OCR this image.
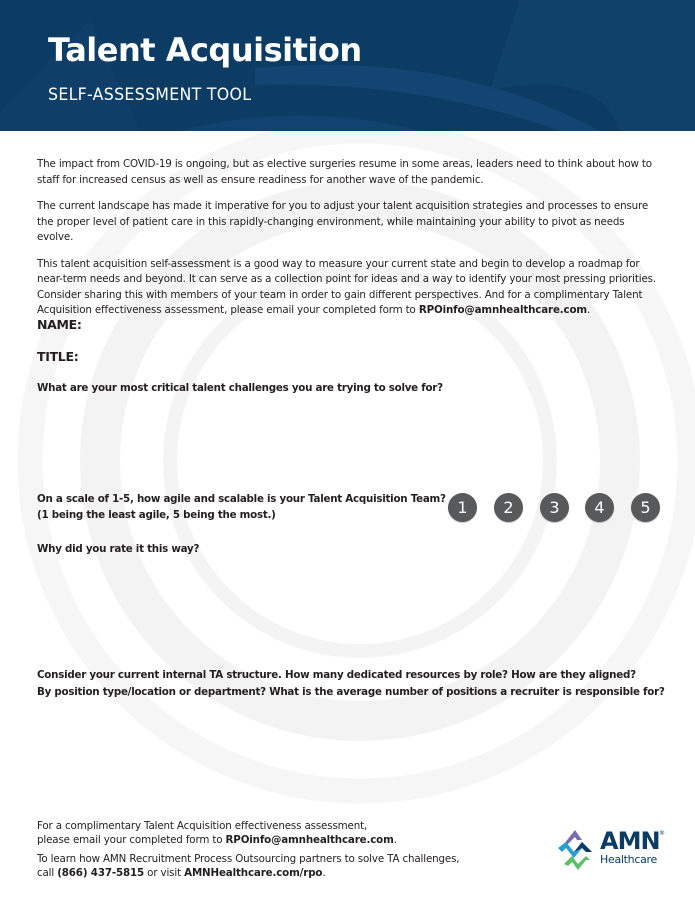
Talent Acquisition
SELF-ASSESSMENT TOOL

The impact from COVID-19 is ongoing, but as elective surgeries resume in some areas, leaders need to think about how to staff for increased census as well as ensure readiness for another wave of the pandemic.

The current landscape has made it imperative for you to adjust your talent acquisition strategies and processes to ensure the proper level of patient care in this rapidly-changing environment, while maintaining your ability to pivot as needs evolve.

This talent acquisition self-assessment is a good way to measure your current state and begin to develop a roadmap for near-term needs and beyond. It can serve as a collection point for ideas and a way to identify your most pressing priorities. Consider sharing this with members of your team in order to gain different perspectives. And for a complimentary Talent Acquisition effectiveness assessment, please email your completed form to RPOinfo@amnhealthcare.com.

NAME:
TITLE:
What are your most critical talent challenges you are trying to solve for?
On a scale of 1-5, how agile and scalable is your Talent Acquisition Team?
(1 being the least agile, 5 being the most.)	1	2	3	4	5
Why did you rate it this way?
Consider your current internal TA structure. How many dedicated resources by role? How are they aligned?
By position type/location or department? What is the average number of positions a recruiter is responsible for?
For a complimentary Talent Acquisition effectiveness assessment,
please email your completed form to RPOinfo@amnhealthcare.com.
To learn how AMN Recruitment Process Outsourcing partners to solve TA challenges,
call (866) 437-5815 or visit AMNHealthcare.com/rpo.
AMN ®
Healthcare
